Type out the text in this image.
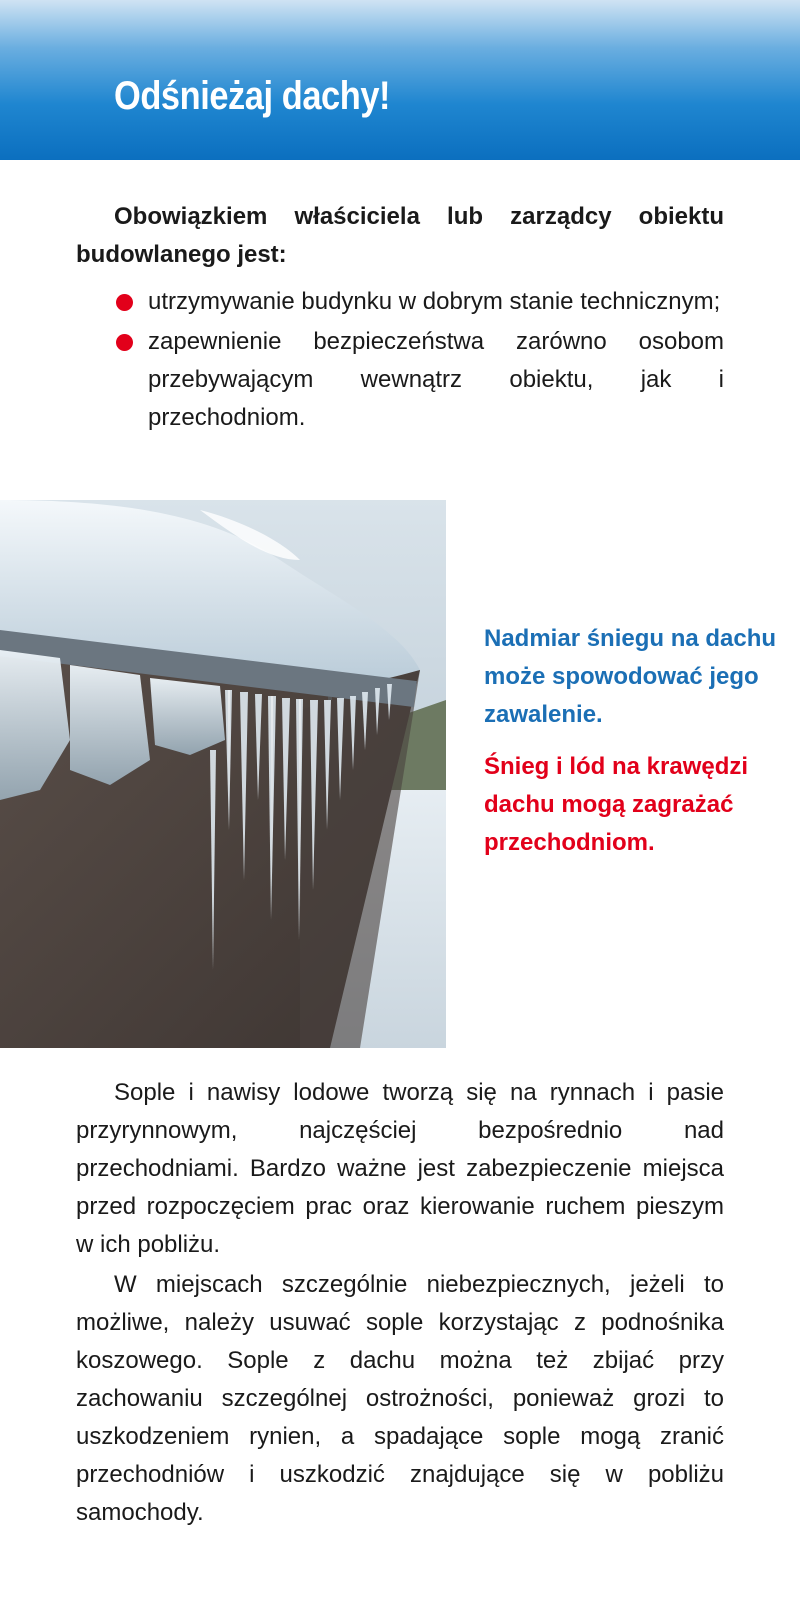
Odśnieżaj dachy!
Obowiązkiem właściciela lub zarządcy obiektu budowlanego jest:
utrzymywanie budynku w dobrym stanie technicznym;
zapewnienie bezpieczeństwa zarówno osobom przebywającym wewnątrz obiektu, jak i przechodniom.

Nadmiar śniegu na dachu może spowodować jego zawalenie.

Śnieg i lód na krawędzi dachu mogą zagrażać przechodniom.

Sople i nawisy lodowe tworzą się na rynnach i pasie przyrynnowym, najczęściej bezpośrednio nad przechodniami. Bardzo ważne jest zabezpieczenie miejsca przed rozpoczęciem prac oraz kierowanie ruchem pieszym w ich pobliżu.

W miejscach szczególnie niebezpiecznych, jeżeli to możliwe, należy usuwać sople korzystając z podnośnika koszowego. Sople z dachu można też zbijać przy zachowaniu szczególnej ostrożności, ponieważ grozi to uszkodzeniem rynien, a spadające sople mogą zranić przechodniów i uszkodzić znajdujące się w pobliżu samochody.
